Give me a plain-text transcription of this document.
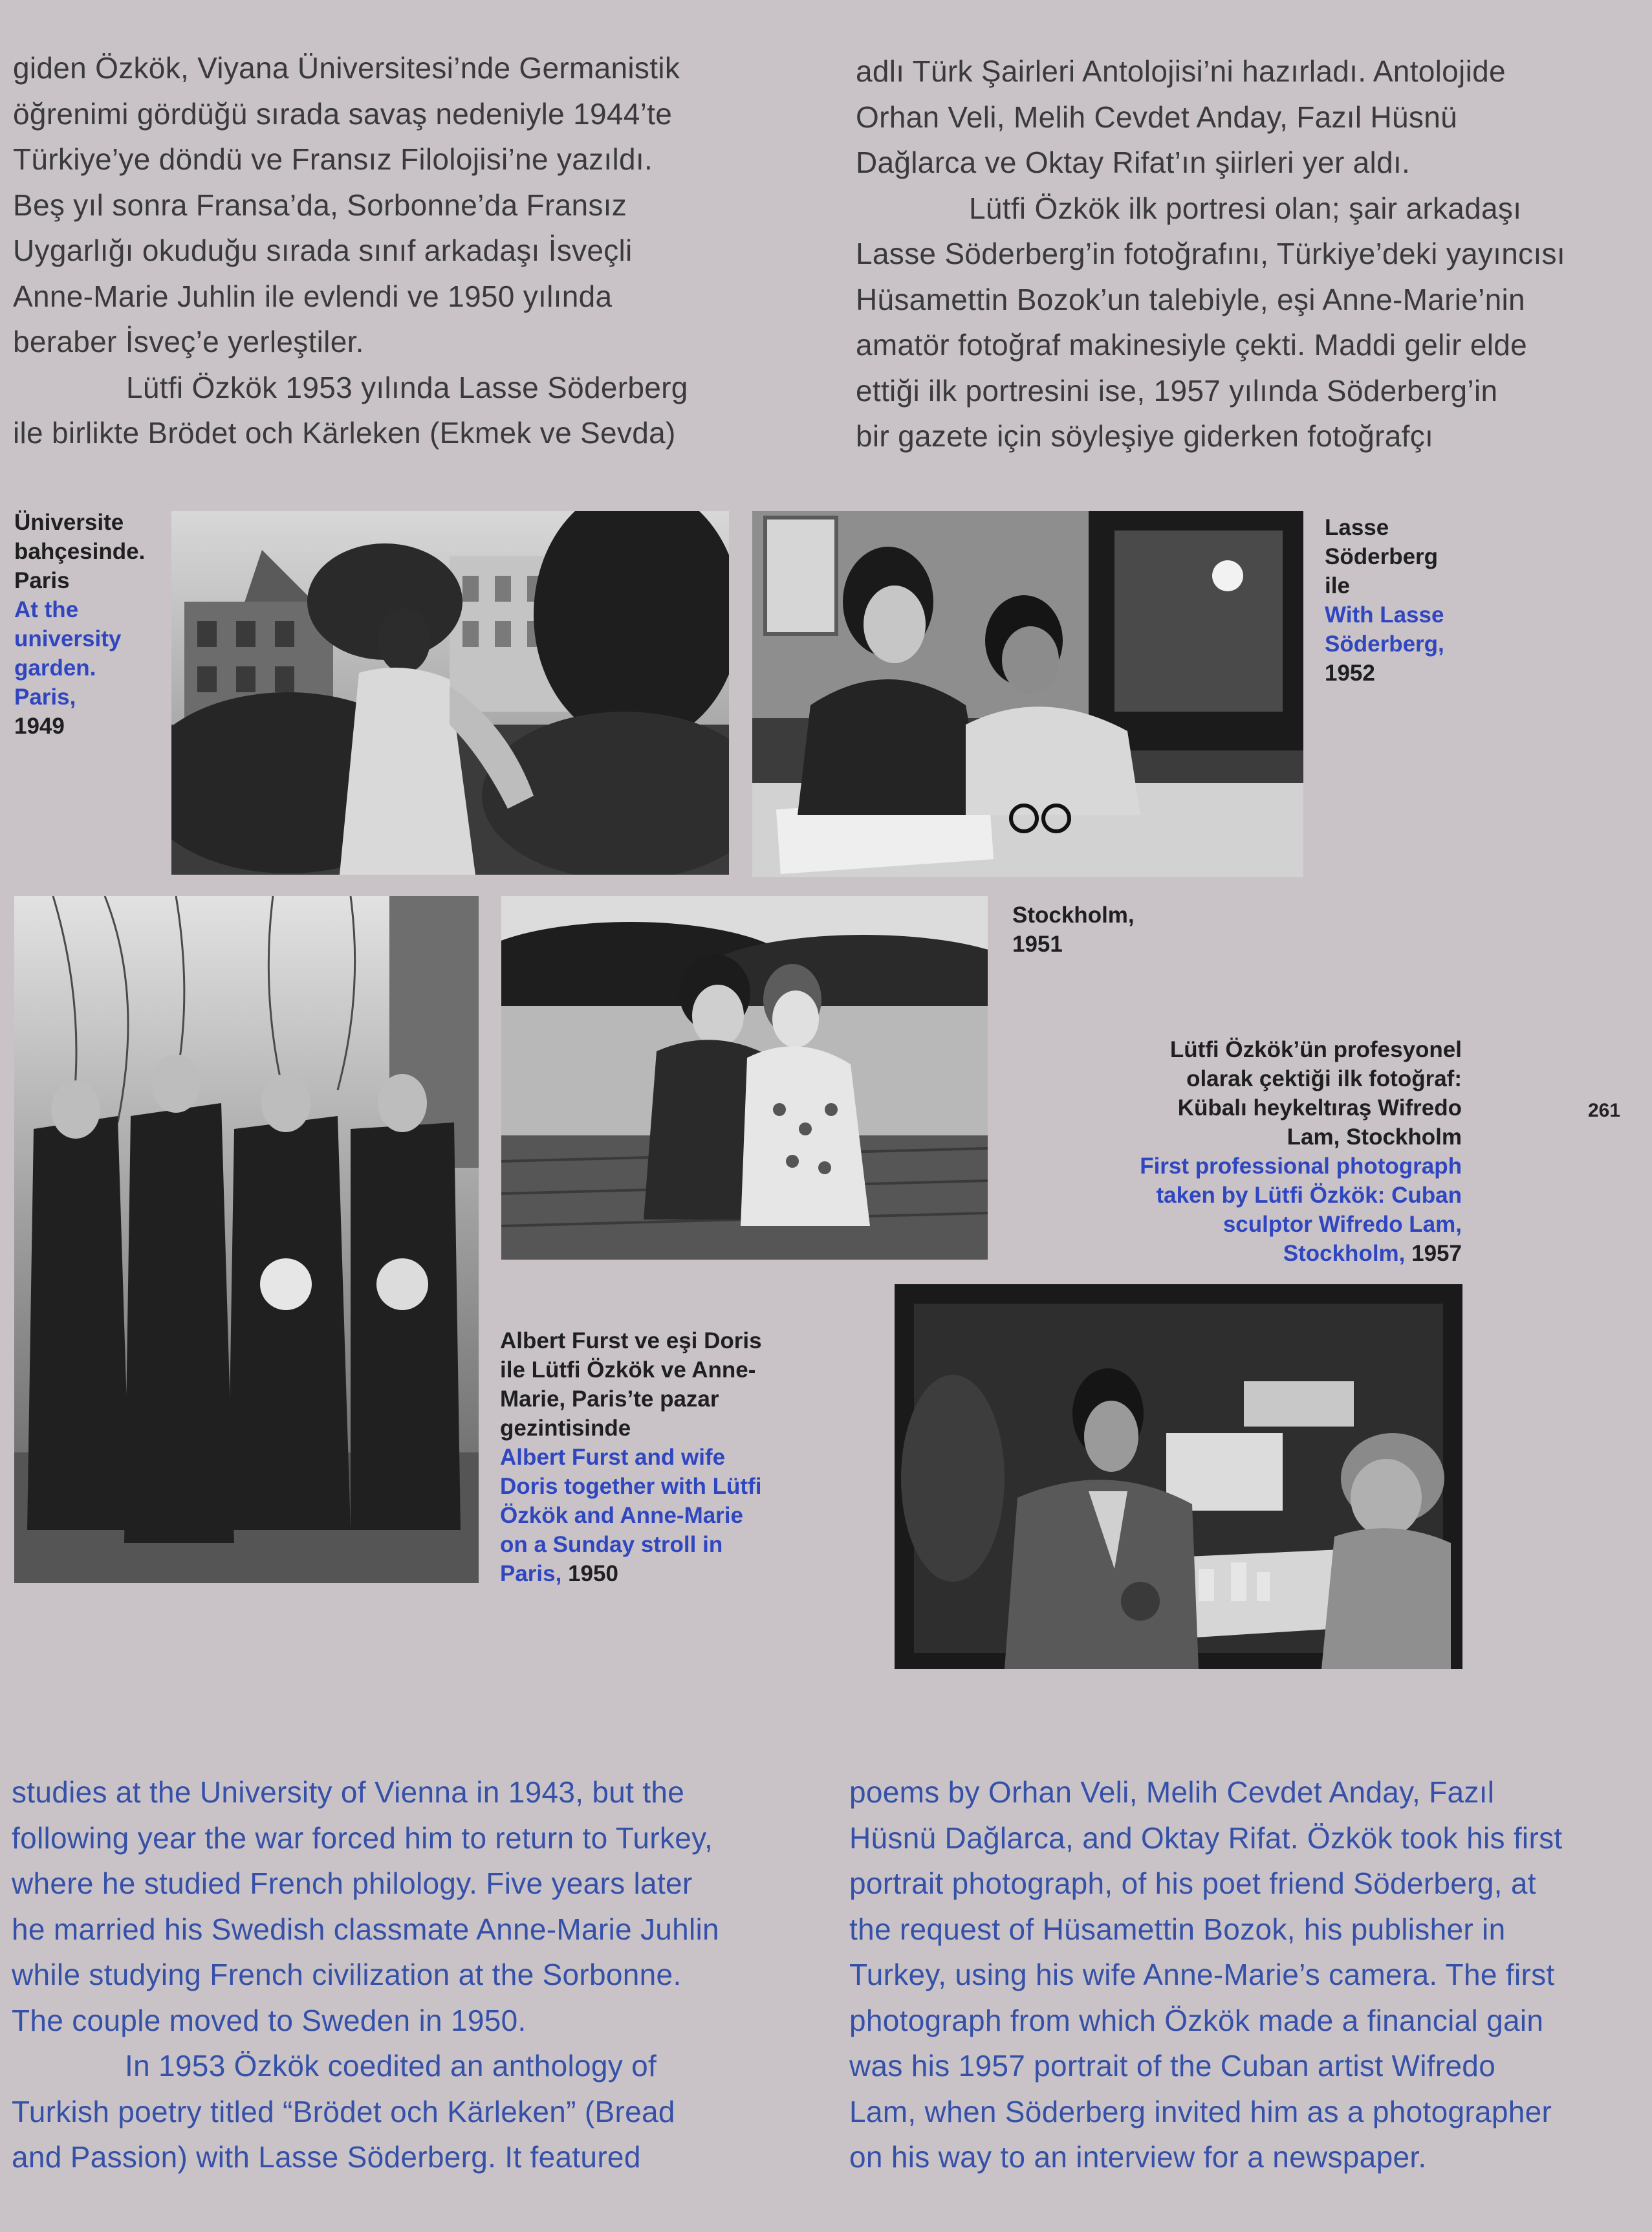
giden Özkök, Viyana Üniversitesi’nde Germanistik
öğrenimi gördüğü sırada savaş nedeniyle 1944’te
Türkiye’ye döndü ve Fransız Filolojisi’ne yazıldı.
Beş yıl sonra Fransa’da, Sorbonne’da Fransız
Uygarlığı okuduğu sırada sınıf arkadaşı İsveçli
Anne-Marie Juhlin ile evlendi ve 1950 yılında
beraber İsveç’e yerleştiler.
Lütfi Özkök 1953 yılında Lasse Söderberg
ile birlikte Brödet och Kärleken (Ekmek ve Sevda)
adlı Türk Şairleri Antolojisi’ni hazırladı. Antolojide
Orhan Veli, Melih Cevdet Anday, Fazıl Hüsnü
Dağlarca ve Oktay Rifat’ın şiirleri yer aldı.
Lütfi Özkök ilk portresi olan; şair arkadaşı
Lasse Söderberg’in fotoğrafını, Türkiye’deki yayıncısı
Hüsamettin Bozok’un talebiyle, eşi Anne-Marie’nin
amatör fotoğraf makinesiyle çekti. Maddi gelir elde
ettiği ilk portresini ise, 1957 yılında Söderberg’in
bir gazete için söyleşiye giderken fotoğrafçı
Üniversite
bahçesinde.
Paris
At the
university
garden.
Paris,
1949
Lasse
Söderberg
ile
With Lasse
Söderberg,
1952
Stockholm,
1951
Lütfi Özkök’ün profesyonel
olarak çektiği ilk fotoğraf:
Kübalı heykeltıraş Wifredo
Lam, Stockholm
First professional photograph
taken by Lütfi Özkök: Cuban
sculptor Wifredo Lam,
Stockholm, 1957
261
Albert Furst ve eşi Doris
ile Lütfi Özkök ve Anne-
Marie, Paris’te pazar
gezintisinde
Albert Furst and wife
Doris together with Lütfi
Özkök and Anne-Marie
on a Sunday stroll in
Paris, 1950
studies at the University of Vienna in 1943, but the
following year the war forced him to return to Turkey,
where he studied French philology. Five years later
he married his Swedish classmate Anne-Marie Juhlin
while studying French civilization at the Sorbonne.
The couple moved to Sweden in 1950.
In 1953 Özkök coedited an anthology of
Turkish poetry titled “Brödet och Kärleken” (Bread
and Passion) with Lasse Söderberg. It featured
poems by Orhan Veli, Melih Cevdet Anday, Fazıl
Hüsnü Dağlarca, and Oktay Rifat. Özkök took his first
portrait photograph, of his poet friend Söderberg, at
the request of Hüsamettin Bozok, his publisher in
Turkey, using his wife Anne-Marie’s camera. The first
photograph from which Özkök made a financial gain
was his 1957 portrait of the Cuban artist Wifredo
Lam, when Söderberg invited him as a photographer
on his way to an interview for a newspaper.
